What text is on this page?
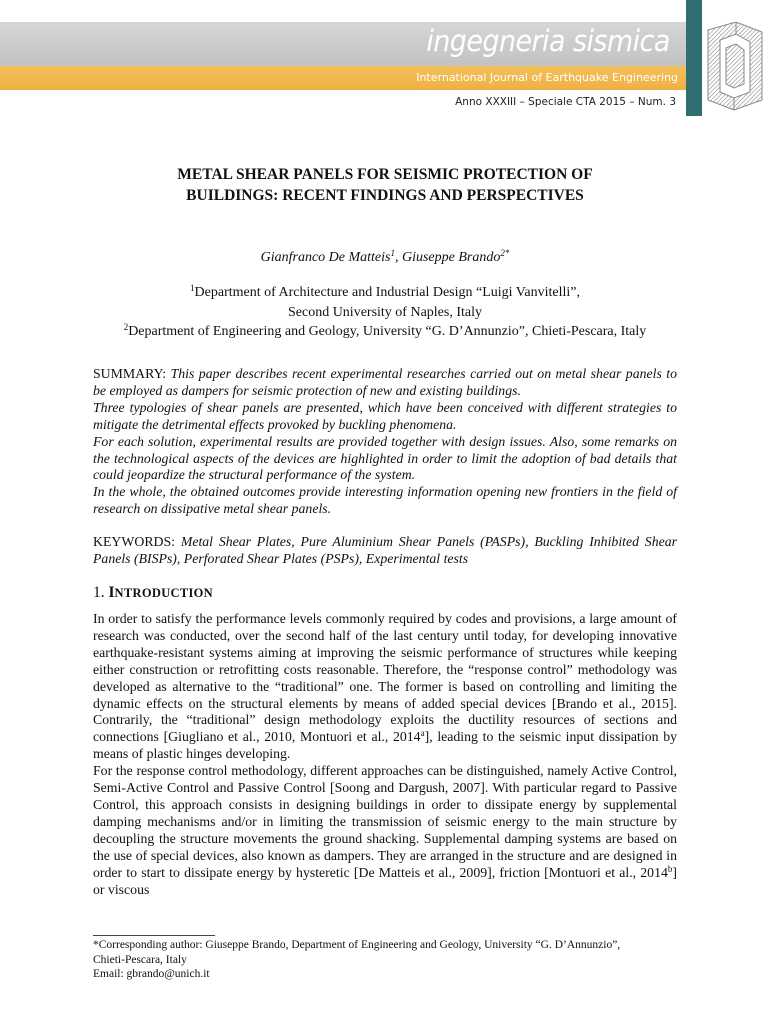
ingegneria sismica
International Journal of Earthquake Engineering
Anno XXXIII – Speciale CTA 2015 – Num. 3
METAL SHEAR PANELS FOR SEISMIC PROTECTION OF
BUILDINGS: RECENT FINDINGS AND PERSPECTIVES
Gianfranco De Matteis$^1$, Giuseppe Brando$^{2*}$
$^1$Department of Architecture and Industrial Design “Luigi Vanvitelli”,
Second University of Naples, Italy
$^2$Department of Engineering and Geology, University “G. D’Annunzio”, Chieti-Pescara, Italy

SUMMARY: This paper describes recent experimental researches carried out on metal shear panels to be employed as dampers for seismic protection of new and existing buildings.

Three typologies of shear panels are presented, which have been conceived with different strategies to mitigate the detrimental effects provoked by buckling phenomena.

For each solution, experimental results are provided together with design issues. Also, some remarks on the technological aspects of the devices are highlighted in order to limit the adoption of bad details that could jeopardize the structural performance of the system.

In the whole, the obtained outcomes provide interesting information opening new frontiers in the field of research on dissipative metal shear panels.

KEYWORDS: Metal Shear Plates, Pure Aluminium Shear Panels (PASPs), Buckling Inhibited Shear Panels (BISPs), Perforated Shear Plates (PSPs), Experimental tests

1. INTRODUCTION

In order to satisfy the performance levels commonly required by codes and provisions, a large amount of research was conducted, over the second half of the last century until today, for developing innovative earthquake-resistant systems aiming at improving the seismic performance of structures while keeping either construction or retrofitting costs reasonable. Therefore, the “response control” methodology was developed as alternative to the “traditional” one. The former is based on controlling and limiting the dynamic effects on the structural elements by means of added special devices [Brando et al., 2015]. Contrarily, the “traditional” design methodology exploits the ductility resources of sections and connections [Giugliano et al., 2010, Montuori et al., 2014$^a$], leading to the seismic input dissipation by means of plastic hinges developing.

For the response control methodology, different approaches can be distinguished, namely Active Control, Semi-Active Control and Passive Control [Soong and Dargush, 2007]. With particular regard to Passive Control, this approach consists in designing buildings in order to dissipate energy by supplemental damping mechanisms and/or in limiting the transmission of seismic energy to the main structure by decoupling the structure movements the ground shacking. Supplemental damping systems are based on the use of special devices, also known as dampers. They are arranged in the structure and are designed in order to start to dissipate energy by hysteretic [De Matteis et al., 2009], friction [Montuori et al., 2014$^b$] or viscous

*Corresponding author: Giuseppe Brando, Department of Engineering and Geology, University “G. D’Annunzio”,
Chieti-Pescara, Italy
Email: gbrando@unich.it
